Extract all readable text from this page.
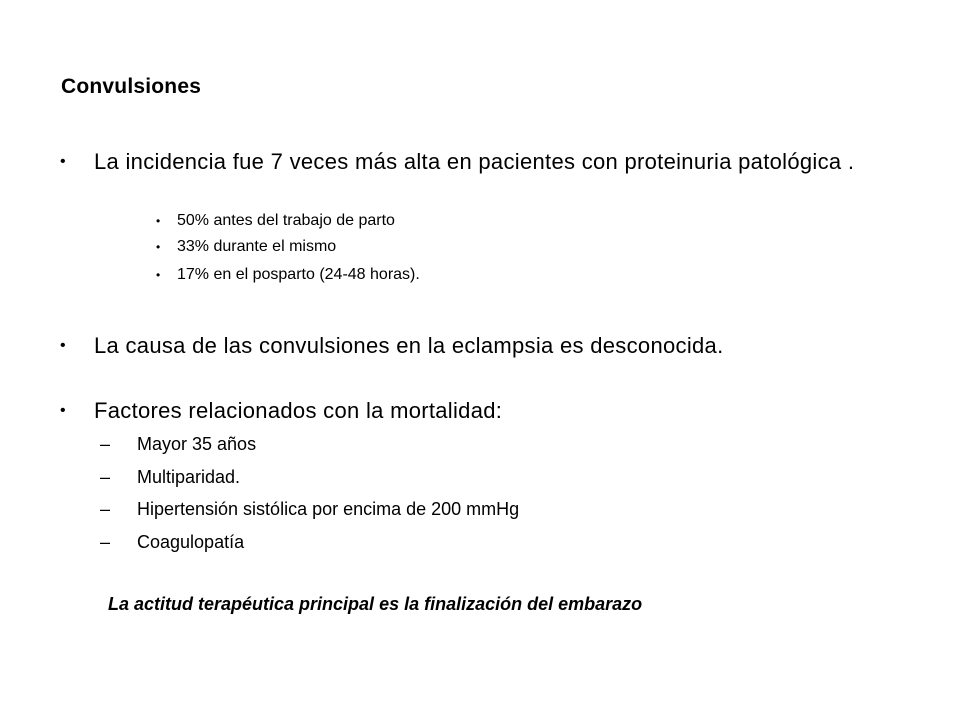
Convulsiones
• La incidencia fue 7 veces más alta en pacientes con proteinuria patológica .
• 50% antes del trabajo de parto
• 33% durante el mismo
• 17% en el posparto (24-48 horas).
• La causa de las convulsiones en la eclampsia es desconocida.
• Factores relacionados con la mortalidad:
– Mayor 35 años
– Multiparidad.
– Hipertensión sistólica por encima de 200 mmHg
– Coagulopatía
La actitud terapéutica principal es la finalización del embarazo
